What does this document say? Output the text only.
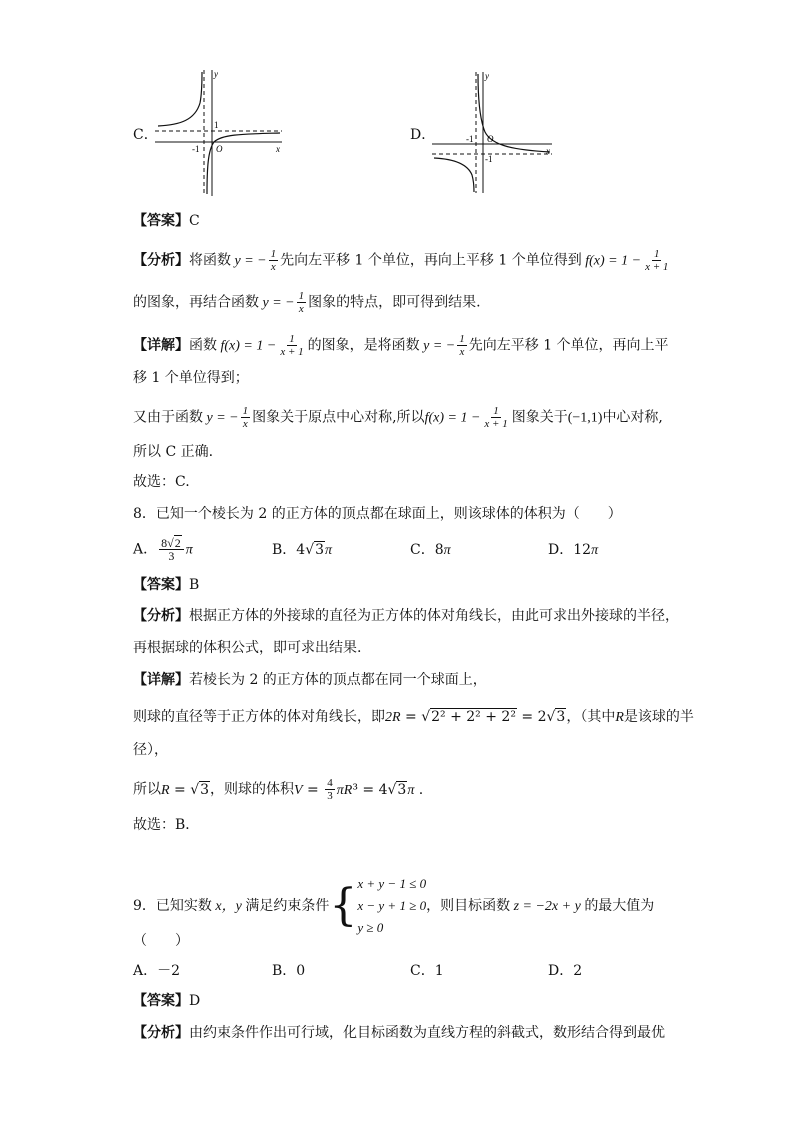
C．
y
x
O
-1
1
D．
y
x
O
-1
-1
【答案】C
【分析】将函数 y = − $\frac{1}{x}$ 先向左平移 1 个单位，再向上平移 1 个单位得到 $f(x) = 1 - \frac{1}{x + 1}$
的图象，再结合函数 y = − $\frac{1}{x}$ 图象的特点，即可得到结果.
【详解】函数 $f(x) = 1 - \frac{1}{x + 1}$ 的图象，是将函数 y = − $\frac{1}{x}$ 先向左平移 1 个单位，再向上平
移 1 个单位得到；
又由于函数 y = − $\frac{1}{x}$ 图象关于原点中心对称,所以$f(x) = 1 - \frac{1}{x + 1}$ 图象关于(−1,1)中心对称,
所以 C 正确.
故选：C.
8．已知一个棱长为 2 的正方体的顶点都在球面上，则该球体的体积为（　　）
A． $\frac{8√2}{3}$ π	B．4√3π	C．8π	D．12π
【答案】B
【分析】根据正方体的外接球的直径为正方体的体对角线长，由此可求出外接球的半径，
再根据球的体积公式，即可求出结果.
【详解】若棱长为 2 的正方体的顶点都在同一个球面上，
则球的直径等于正方体的体对角线长，即2R = √2² + 2² + 2² = 2√3，（其中R是该球的半
径），
所以R = √3，则球的体积$V = \frac{4}{3} \pi R^3 = 4√3\pi$ .
故选：B．
9．已知实数 x，y 满足约束条件{x + y − 1 ≤ 0
x − y + 1 ≥ 0
y ≥ 0，则目标函数 z = −2x + y 的最大值为
（　　）
A．－2	B．0	C．1	D．2
【答案】D
【分析】由约束条件作出可行域，化目标函数为直线方程的斜截式，数形结合得到最优
